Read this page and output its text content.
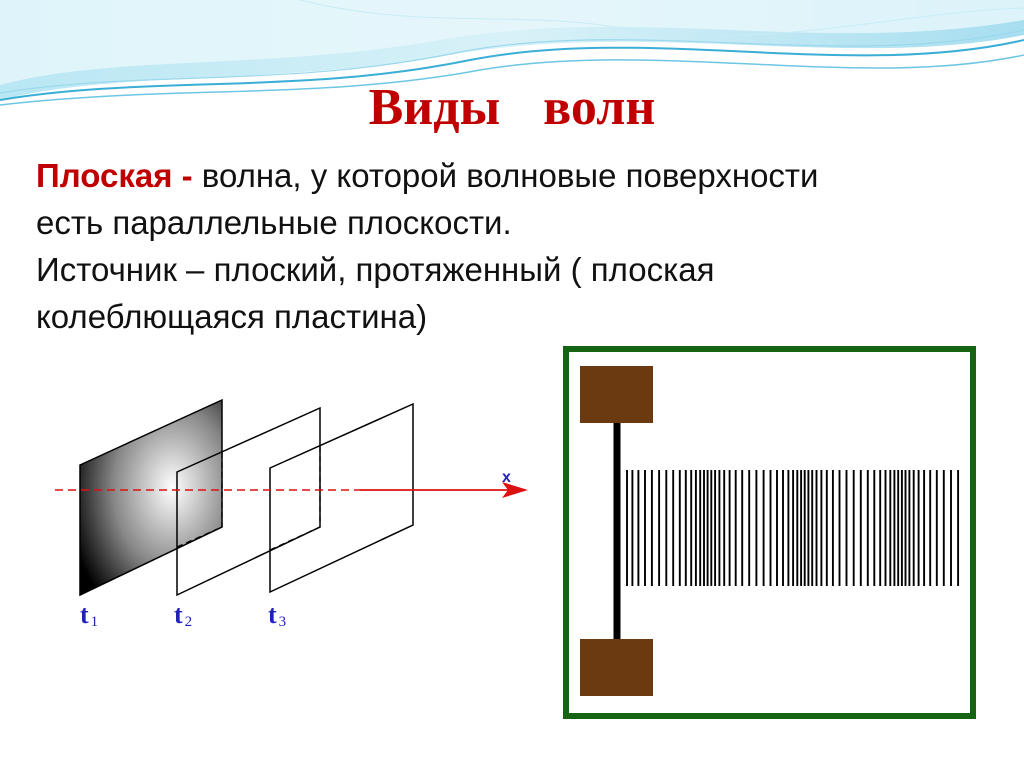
Виды волн
Плоская - волна, у которой волновые поверхности
есть параллельные плоскости.
Источник – плоский, протяженный ( плоская
колеблющаяся пластина)
x
t $_1$	t $_2$	t $_3$
